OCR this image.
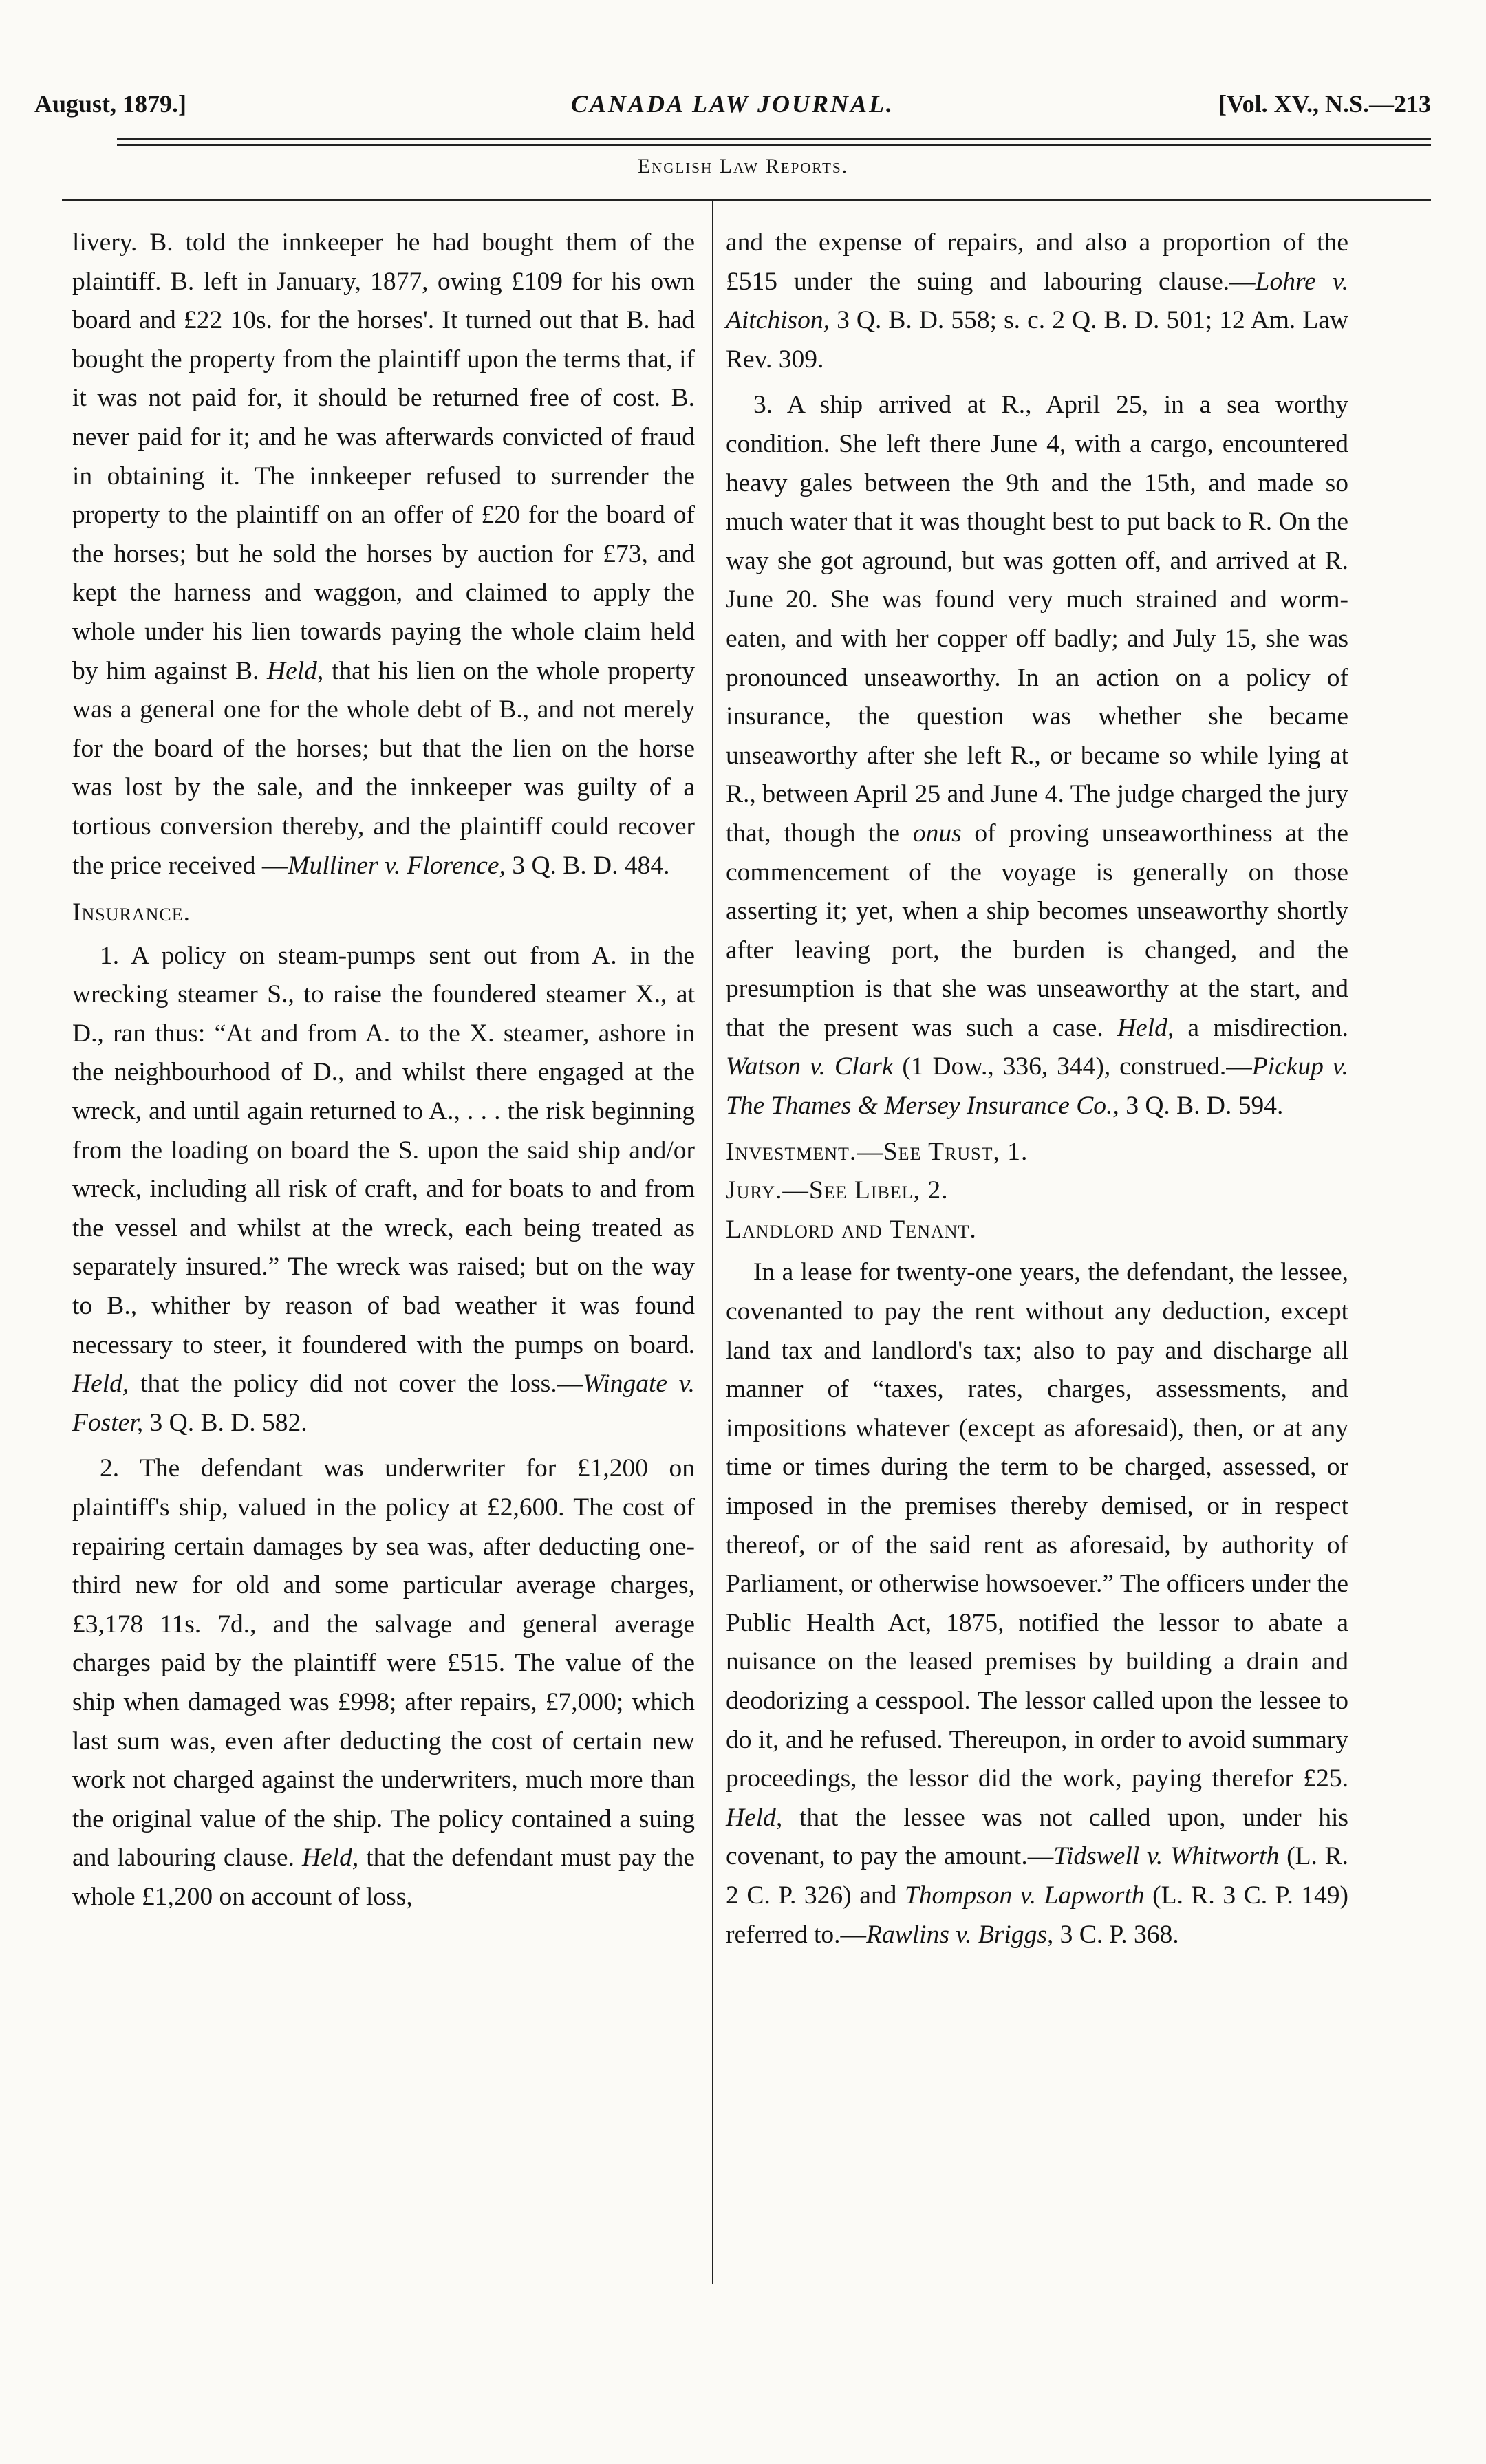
August, 1879.]	CANADA LAW JOURNAL.	[Vol. XV., N.S.—213
English Law Reports.

livery. B. told the innkeeper he had bought them of the plaintiff. B. left in January, 1877, owing £109 for his own board and £22 10s. for the horses'. It turned out that B. had bought the property from the plaintiff upon the terms that, if it was not paid for, it should be returned free of cost. B. never paid for it; and he was afterwards convicted of fraud in obtaining it. The innkeeper refused to surrender the property to the plaintiff on an offer of £20 for the board of the horses; but he sold the horses by auction for £73, and kept the harness and waggon, and claimed to apply the whole under his lien towards paying the whole claim held by him against B. Held, that his lien on the whole property was a general one for the whole debt of B., and not merely for the board of the horses; but that the lien on the horse was lost by the sale, and the innkeeper was guilty of a tortious conversion thereby, and the plaintiff could recover the price received —Mulliner v. Florence, 3 Q. B. D. 484.

Insurance.

1. A policy on steam-pumps sent out from A. in the wrecking steamer S., to raise the foundered steamer X., at D., ran thus: “At and from A. to the X. steamer, ashore in the neighbourhood of D., and whilst there engaged at the wreck, and until again returned to A., . . . the risk beginning from the loading on board the S. upon the said ship and/or wreck, including all risk of craft, and for boats to and from the vessel and whilst at the wreck, each being treated as separately insured.” The wreck was raised; but on the way to B., whither by reason of bad weather it was found necessary to steer, it foundered with the pumps on board. Held, that the policy did not cover the loss.—Wingate v. Foster, 3 Q. B. D. 582.

2. The defendant was underwriter for £1,200 on plaintiff's ship, valued in the policy at £2,600. The cost of repairing certain damages by sea was, after deducting one-third new for old and some particular average charges, £3,178 11s. 7d., and the salvage and general average charges paid by the plaintiff were £515. The value of the ship when damaged was £998; after repairs, £7,000; which last sum was, even after deducting the cost of certain new work not charged against the underwriters, much more than the original value of the ship. The policy contained a suing and labouring clause. Held, that the defendant must pay the whole £1,200 on account of loss,

and the expense of repairs, and also a proportion of the £515 under the suing and labouring clause.—Lohre v. Aitchison, 3 Q. B. D. 558; s. c. 2 Q. B. D. 501; 12 Am. Law Rev. 309.

3. A ship arrived at R., April 25, in a sea worthy condition. She left there June 4, with a cargo, encountered heavy gales between the 9th and the 15th, and made so much water that it was thought best to put back to R. On the way she got aground, but was gotten off, and arrived at R. June 20. She was found very much strained and worm-eaten, and with her copper off badly; and July 15, she was pronounced unseaworthy. In an action on a policy of insurance, the question was whether she became unseaworthy after she left R., or became so while lying at R., between April 25 and June 4. The judge charged the jury that, though the onus of proving unseaworthiness at the commencement of the voyage is generally on those asserting it; yet, when a ship becomes unseaworthy shortly after leaving port, the burden is changed, and the presumption is that she was unseaworthy at the start, and that the present was such a case. Held, a misdirection. Watson v. Clark (1 Dow., 336, 344), construed.—Pickup v. The Thames & Mersey Insurance Co., 3 Q. B. D. 594.

Investment.—See Trust, 1.

Jury.—See Libel, 2.

Landlord and Tenant.

In a lease for twenty-one years, the defendant, the lessee, covenanted to pay the rent without any deduction, except land tax and landlord's tax; also to pay and discharge all manner of “taxes, rates, charges, assessments, and impositions whatever (except as aforesaid), then, or at any time or times during the term to be charged, assessed, or imposed in the premises thereby demised, or in respect thereof, or of the said rent as aforesaid, by authority of Parliament, or otherwise howsoever.” The officers under the Public Health Act, 1875, notified the lessor to abate a nuisance on the leased premises by building a drain and deodorizing a cesspool. The lessor called upon the lessee to do it, and he refused. Thereupon, in order to avoid summary proceedings, the lessor did the work, paying therefor £25. Held, that the lessee was not called upon, under his covenant, to pay the amount.—Tidswell v. Whitworth (L. R. 2 C. P. 326) and Thompson v. Lapworth (L. R. 3 C. P. 149) referred to.—Rawlins v. Briggs, 3 C. P. 368.
